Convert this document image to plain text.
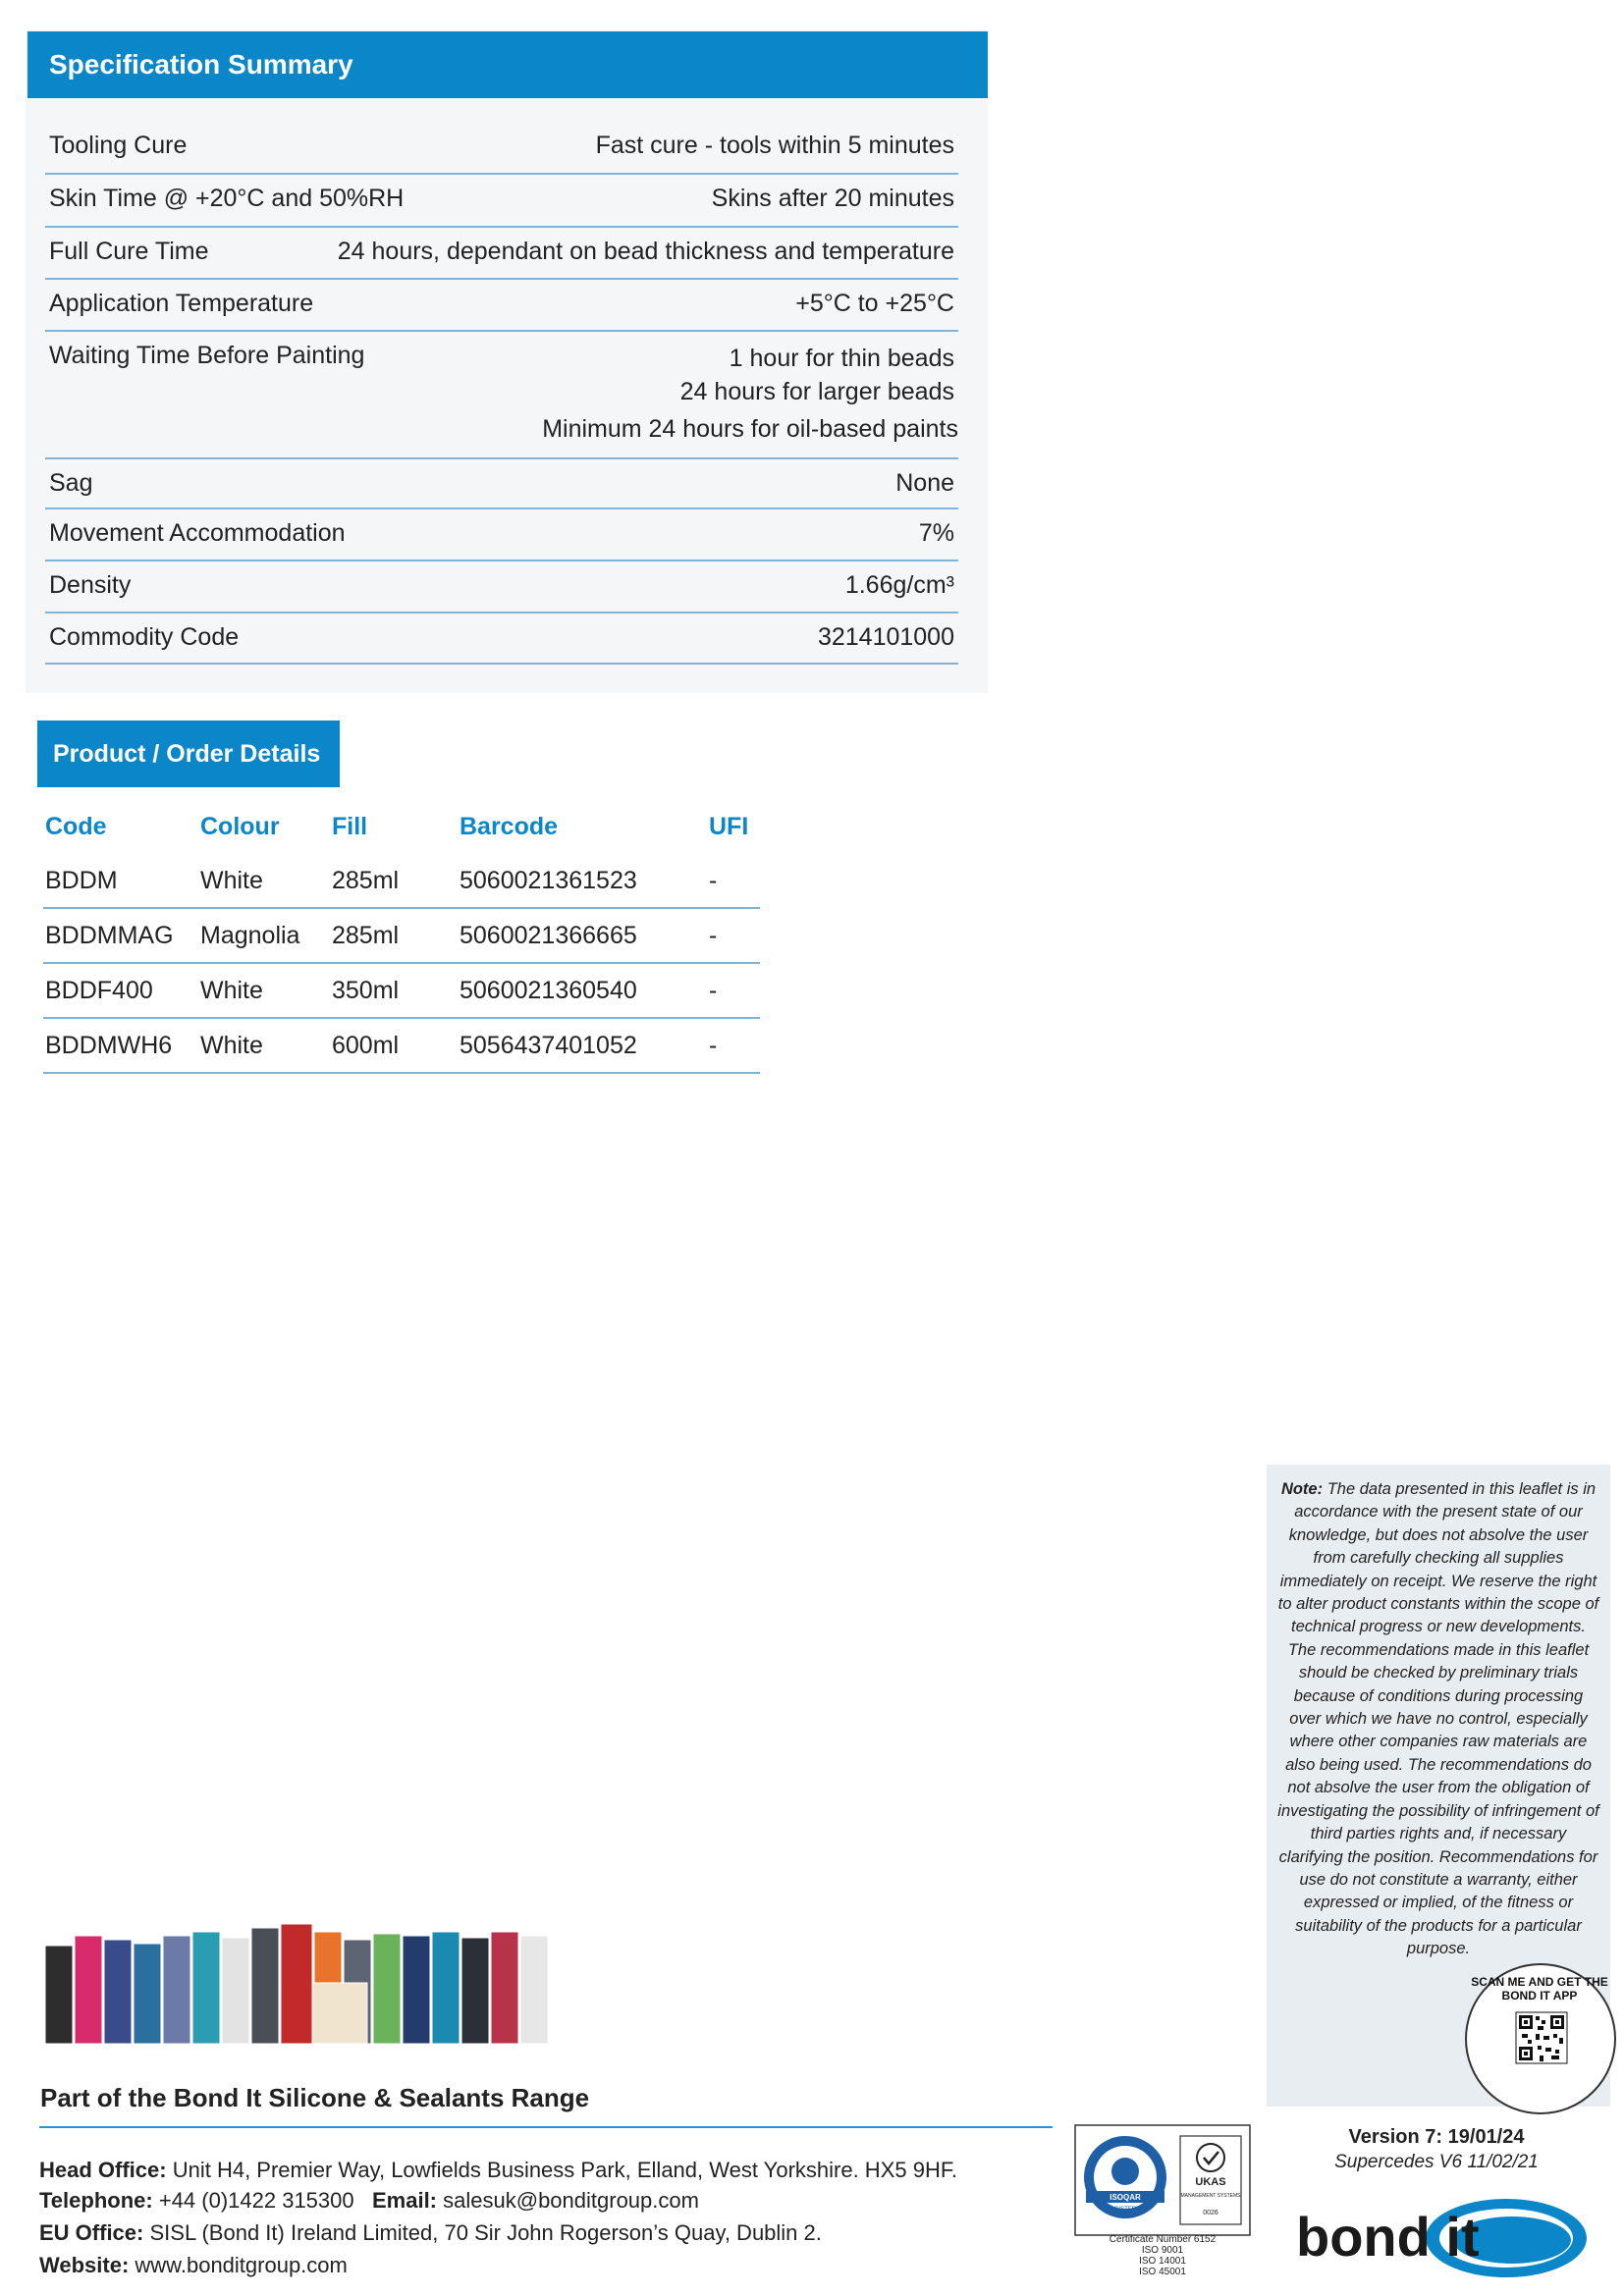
Specification Summary
Tooling Cure	Fast cure - tools within 5 minutes
Skin Time @ +20°C and 50%RH	Skins after 20 minutes
Full Cure Time	24 hours, dependant on bead thickness and temperature
Application Temperature	+5°C to +25°C
Waiting Time Before Painting	1 hour for thin beads
24 hours for larger beads
Minimum 24 hours for oil-based paints
Sag	None
Movement Accommodation	7%
Density	1.66g/cm³
Commodity Code	3214101000
Product / Order Details
Code	Colour	Fill	Barcode	UFI
BDDM	White	285ml	5060021361523	-
BDDMMAG	Magnolia	285ml	5060021366665	-
BDDF400	White	350ml	5060021360540	-
BDDMWH6	White	600ml	5056437401052	-
Note: The data presented in this leaflet is in accordance with the present state of our knowledge, but does not absolve the user from carefully checking all supplies immediately on receipt. We reserve the right to alter product constants within the scope of technical progress or new developments. The recommendations made in this leaflet should be checked by preliminary trials because of conditions during processing over which we have no control, especially where other companies raw materials are also being used. The recommendations do not absolve the user from the obligation of investigating the possibility of infringement of third parties rights and, if necessary clarifying the position. Recommendations for use do not constitute a warranty, either expressed or implied, of the fitness or suitability of the products for a particular purpose.
SCAN ME AND GET THE BOND IT APP
Part of the Bond It Silicone & Sealants Range
Head Office: Unit H4, Premier Way, Lowfields Business Park, Elland, West Yorkshire. HX5 9HF.
Telephone: +44 (0)1422 315300 Email: salesuk@bonditgroup.com
EU Office: SISL (Bond It) Ireland Limited, 70 Sir John Rogerson’s Quay, Dublin 2.
Website: www.bonditgroup.com
ISOQAR
REGISTERED
UKAS
MANAGEMENT SYSTEMS
0026
Certificate Number 6152
ISO 9001
ISO 14001
ISO 45001
Version 7: 19/01/24
Supercedes V6 11/02/21
bond it
